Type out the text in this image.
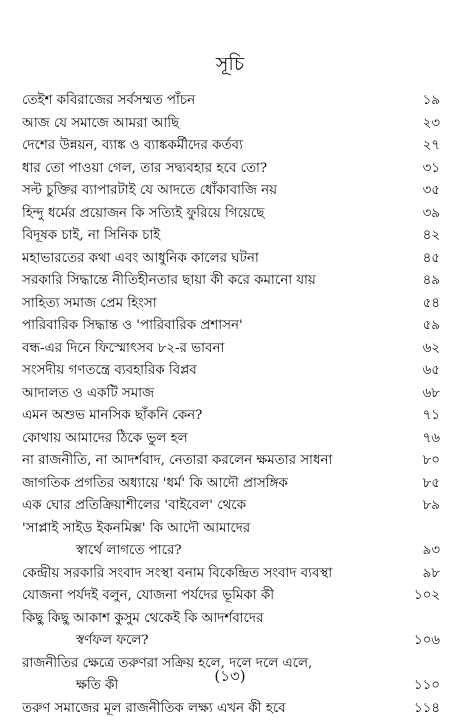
সূচি
তেইশ কবিরাজের সর্বসম্মত পাঁচন	১৯
আজ যে সমাজে আমরা আছি	২৩
দেশের উন্নয়ন, ব্যাঙ্ক ও ব্যাঙ্ককর্মীদের কর্তব্য	২৭
ধার তো পাওয়া গেল, তার সদ্ব্যবহার হবে তো?	৩১
সল্ট চুক্তির ব্যাপারটাই যে আদতে ধোঁকাবাজি নয়	৩৫
হিন্দু ধর্মের প্রয়োজন কি সত্যিই ফুরিয়ে গিয়েছে	৩৯
বিদূষক চাই, না সিনিক চাই	৪২
মহাভারতের কথা এবং আধুনিক কালের ঘটনা	৪৫
সরকারি সিদ্ধান্তে নীতিহীনতার ছায়া কী করে কমানো যায়	৪৯
সাহিত্য সমাজ প্রেম হিংসা	৫৪
পারিবারিক সিদ্ধান্ত ও 'পারিবারিক প্রশাসন'	৫৯
বন্ধ-এর দিনে ফিস্মোৎসব ৮২-র ভাবনা	৬২
সংসদীয় গণতন্ত্রে ব্যবহারিক বিপ্লব	৬৫
আদালত ও একটি সমাজ	৬৮
এমন অশুভ মানসিক ছাঁকনি কেন?	৭১
কোথায় আমাদের ঠিকে ভুল হল	৭৬
না রাজনীতি, না আদর্শবাদ, নেতারা করলেন ক্ষমতার সাধনা	৮০
জাগতিক প্রগতির অধ্যায়ে 'ধর্ম' কি আদৌ প্রাসঙ্গিক	৮৫
এক ঘোর প্রতিক্রিয়াশীলের 'বাইবেল' থেকে	৮৯
'সাপ্লাই সাইড ইকনমিক্স' কি আদৌ আমাদের
স্বার্থে লাগতে পারে?	৯৩
কেন্দ্রীয় সরকারি সংবাদ সংস্থা বনাম বিকেন্দ্রিত সংবাদ ব্যবস্থা	৯৮
যোজনা পর্যদই বলুন, যোজনা পর্যদের ভূমিকা কী	১০২
কিছু কিছু আকাশ কুসুম থেকেই কি আদর্শবাদের
স্বর্ণফল ফলে?	১০৬
রাজনীতির ক্ষেত্রে তরুণরা সক্রিয় হলে, দলে দলে এলে,
ক্ষতি কী	১১০
তরুণ সমাজের মূল রাজনীতিক লক্ষ্য এখন কী হবে	১১৪
(১৩)
